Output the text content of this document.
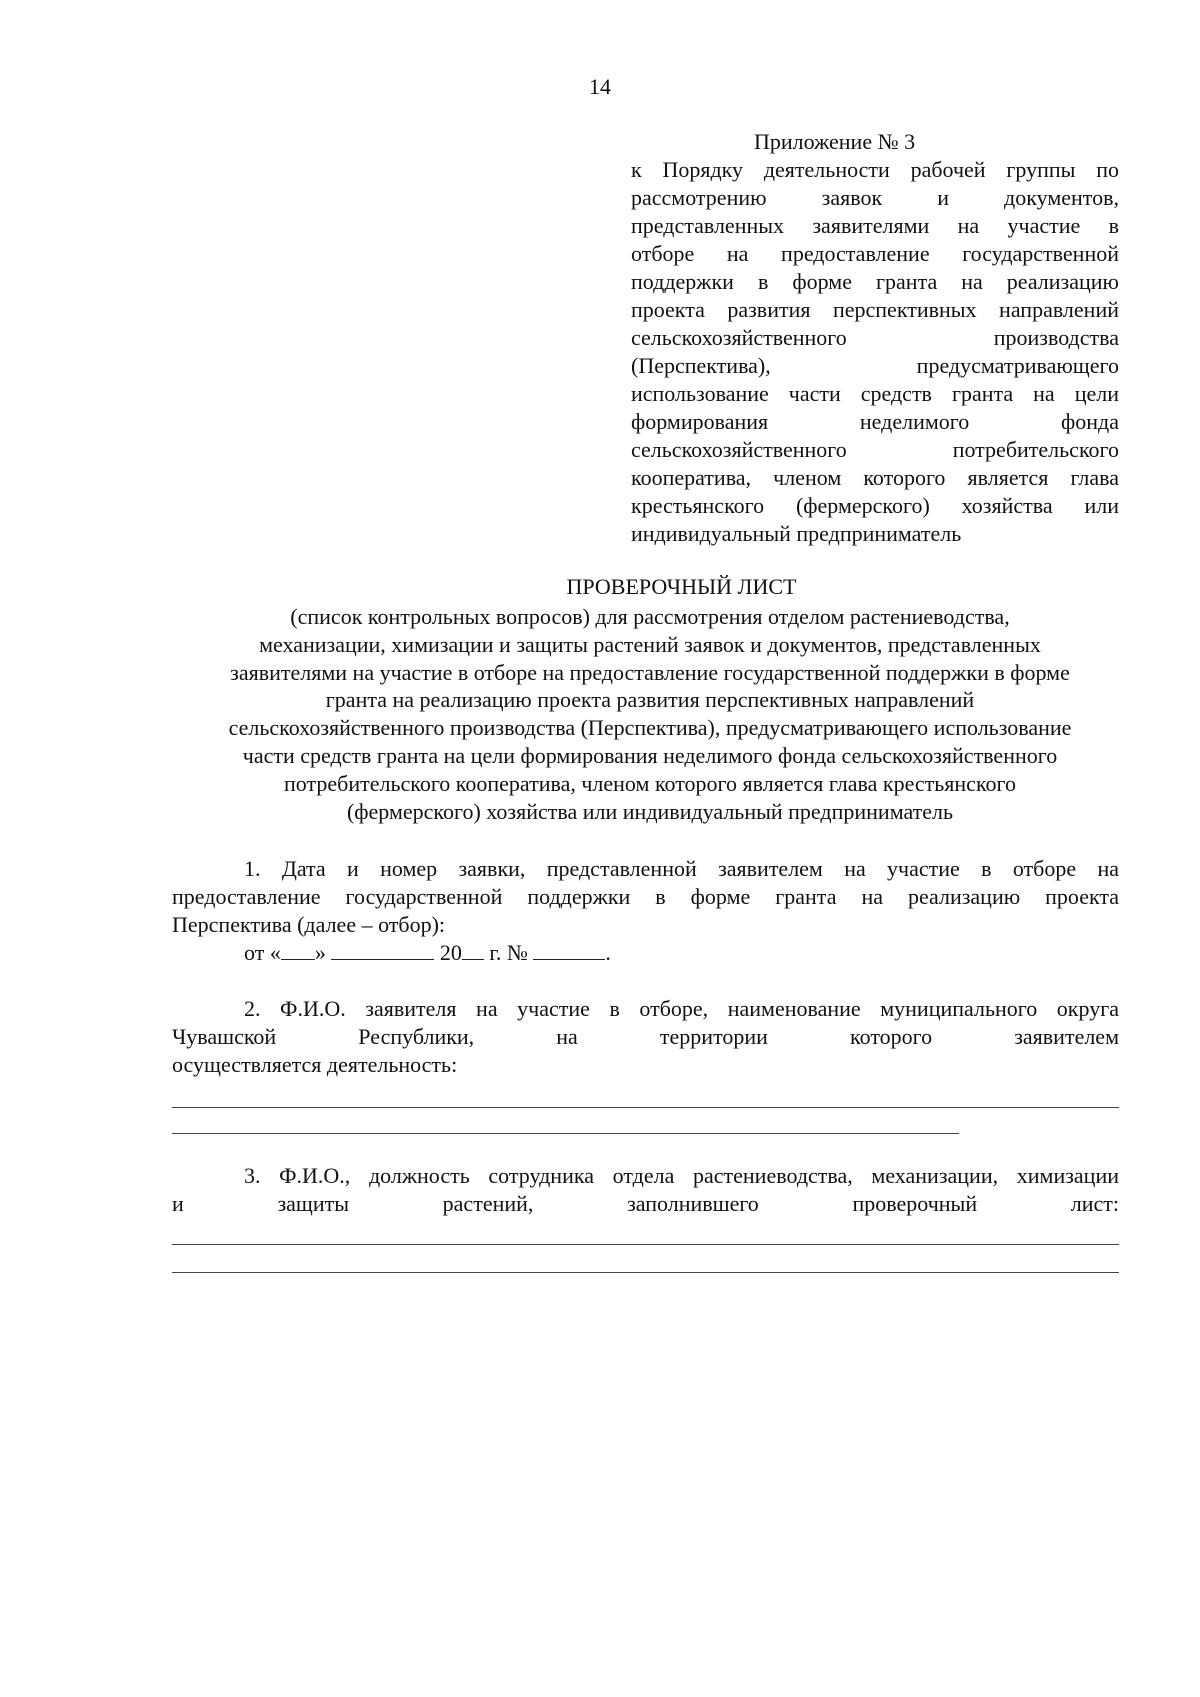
14
Приложение № 3
к Порядку деятельности рабочей группы по
рассмотрению заявок и документов,
представленных заявителями на участие в
отборе на предоставление государственной
поддержки в форме гранта на реализацию
проекта развития перспективных направлений
сельскохозяйственного производства
(Перспектива), предусматривающего
использование части средств гранта на цели
формирования неделимого фонда
сельскохозяйственного потребительского
кооператива, членом которого является глава
крестьянского (фермерского) хозяйства или
индивидуальный предприниматель
ПРОВЕРОЧНЫЙ ЛИСТ
(список контрольных вопросов) для рассмотрения отделом растениеводства,
механизации, химизации и защиты растений заявок и документов, представленных
заявителями на участие в отборе на предоставление государственной поддержки в форме
гранта на реализацию проекта развития перспективных направлений
сельскохозяйственного производства (Перспектива), предусматривающего использование
части средств гранта на цели формирования неделимого фонда сельскохозяйственного
потребительского кооператива, членом которого является глава крестьянского
(фермерского) хозяйства или индивидуальный предприниматель
1. Дата и номер заявки, представленной заявителем на участие в отборе на
предоставление государственной поддержки в форме гранта на реализацию проекта
Перспектива (далее – отбор):
от « »	20 г. №	.
2. Ф.И.О. заявителя на участие в отборе, наименование муниципального округа
Чувашской Республики, на территории которого заявителем
осуществляется деятельность:
3. Ф.И.О., должность сотрудника отдела растениеводства, механизации, химизации
и защиты растений, заполнившего проверочный лист:
